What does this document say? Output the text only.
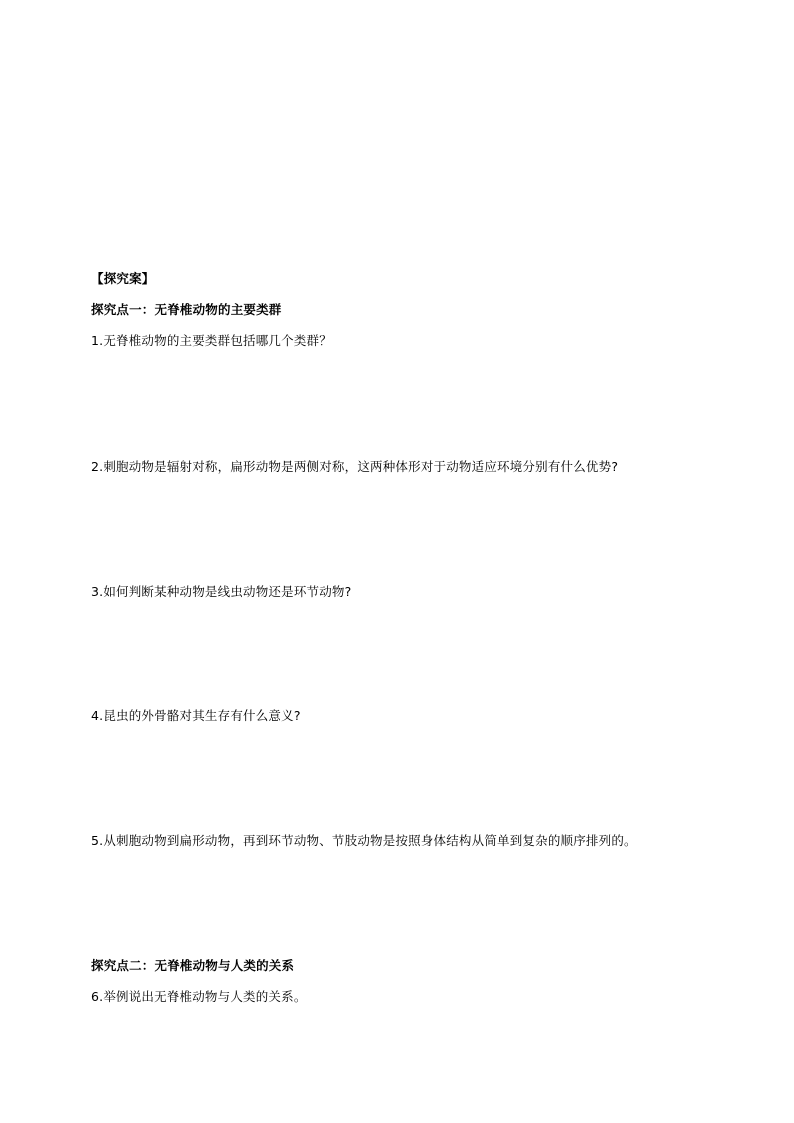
【探究案】
探究点一：无脊椎动物的主要类群
1.无脊椎动物的主要类群包括哪几个类群？
2.刺胞动物是辐射对称，扁形动物是两侧对称，这两种体形对于动物适应环境分别有什么优势?
3.如何判断某种动物是线虫动物还是环节动物?
4.昆虫的外骨骼对其生存有什么意义?
5.从刺胞动物到扁形动物，再到环节动物、节肢动物是按照身体结构从简单到复杂的顺序排列的。
探究点二：无脊椎动物与人类的关系
6.举例说出无脊椎动物与人类的关系。
